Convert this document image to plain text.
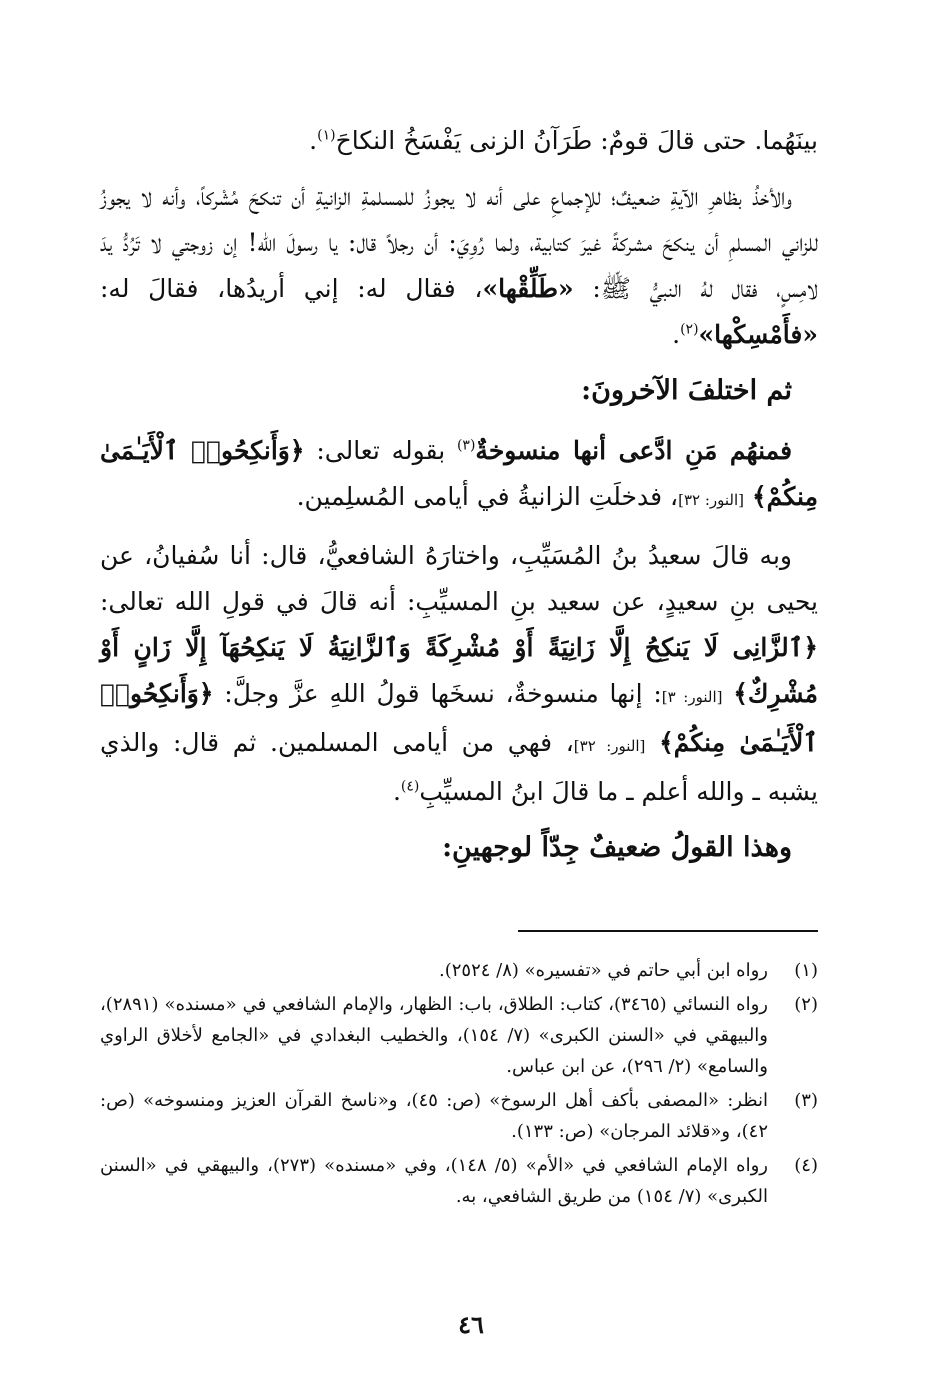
بينَهُما. حتى قالَ قومٌ: طَرَآنُ الزنى يَفْسَخُ النكاحَ$^{(١)}$.

والأخذُ بظاهرِ الآيةِ ضعيفٌ؛ للإجماعِ على أنه لا يجوزُ للمسلمةِ الزانيةِ أن تنكحَ مُشْركاً، وأنه لا يجوزُ للزاني المسلمِ أن ينكحَ مشركةً غيرَ كتابية، ولما رُوِيَ: أن رجلاً قال: يا رسولَ الله! إن زوجتي لا تَرُدُّ يدَ لامِسٍ، فقال لهُ النبيُّ ﷺ: «طَلِّقْها»، فقال له: إني أريدُها، فقالَ له: «فأَمْسِكْها»$^{(٢)}$.

ثم اختلفَ الآخرونَ:

فمنهُم مَنِ ادَّعى أنها منسوخةٌ$^{(٣)}$ بقوله تعالى: ﴿وَأَنكِحُوا۟ ٱلْأَيَـٰمَىٰ مِنكُمْ﴾ [النور: ٣٢]، فدخلَتِ الزانيةُ في أيامى المُسلِمين.

وبه قالَ سعيدُ بنُ المُسَيِّبِ، واختارَهُ الشافعيُّ، قال: أنا سُفيانُ، عن يحيى بنِ سعيدٍ، عن سعيد بنِ المسيِّبِ: أنه قالَ في قولِ الله تعالى: ﴿ٱلزَّانِى لَا يَنكِحُ إِلَّا زَانِيَةً أَوْ مُشْرِكَةً وَٱلزَّانِيَةُ لَا يَنكِحُهَآ إِلَّا زَانٍ أَوْ مُشْرِكٌ﴾ [النور: ٣]: إنها منسوخةٌ، نسخَها قولُ اللهِ عزَّ وجلَّ: ﴿وَأَنكِحُوا۟ ٱلْأَيَـٰمَىٰ مِنكُمْ﴾ [النور: ٣٢]، فهي من أيامى المسلمين. ثم قال: والذي يشبه ـ والله أعلم ـ ما قالَ ابنُ المسيِّبِ$^{(٤)}$.

وهذا القولُ ضعيفٌ جِدّاً لوجهينِ:
(١)
رواه ابن أبي حاتم في «تفسيره» (٨/ ٢٥٢٤).
(٢)
رواه النسائي (٣٤٦٥)، كتاب: الطلاق، باب: الظهار، والإمام الشافعي في «مسنده» (٢٨٩١)، والبيهقي في «السنن الكبرى» (٧/ ١٥٤)، والخطيب البغدادي في «الجامع لأخلاق الراوي والسامع» (٢/ ٢٩٦)، عن ابن عباس.
(٣)
انظر: «المصفى بأكف أهل الرسوخ» (ص: ٤٥)، و«ناسخ القرآن العزيز ومنسوخه» (ص: ٤٢)، و«قلائد المرجان» (ص: ١٣٣).
(٤)
رواه الإمام الشافعي في «الأم» (٥/ ١٤٨)، وفي «مسنده» (٢٧٣)، والبيهقي في «السنن الكبرى» (٧/ ١٥٤) من طريق الشافعي، به.
٤٦
